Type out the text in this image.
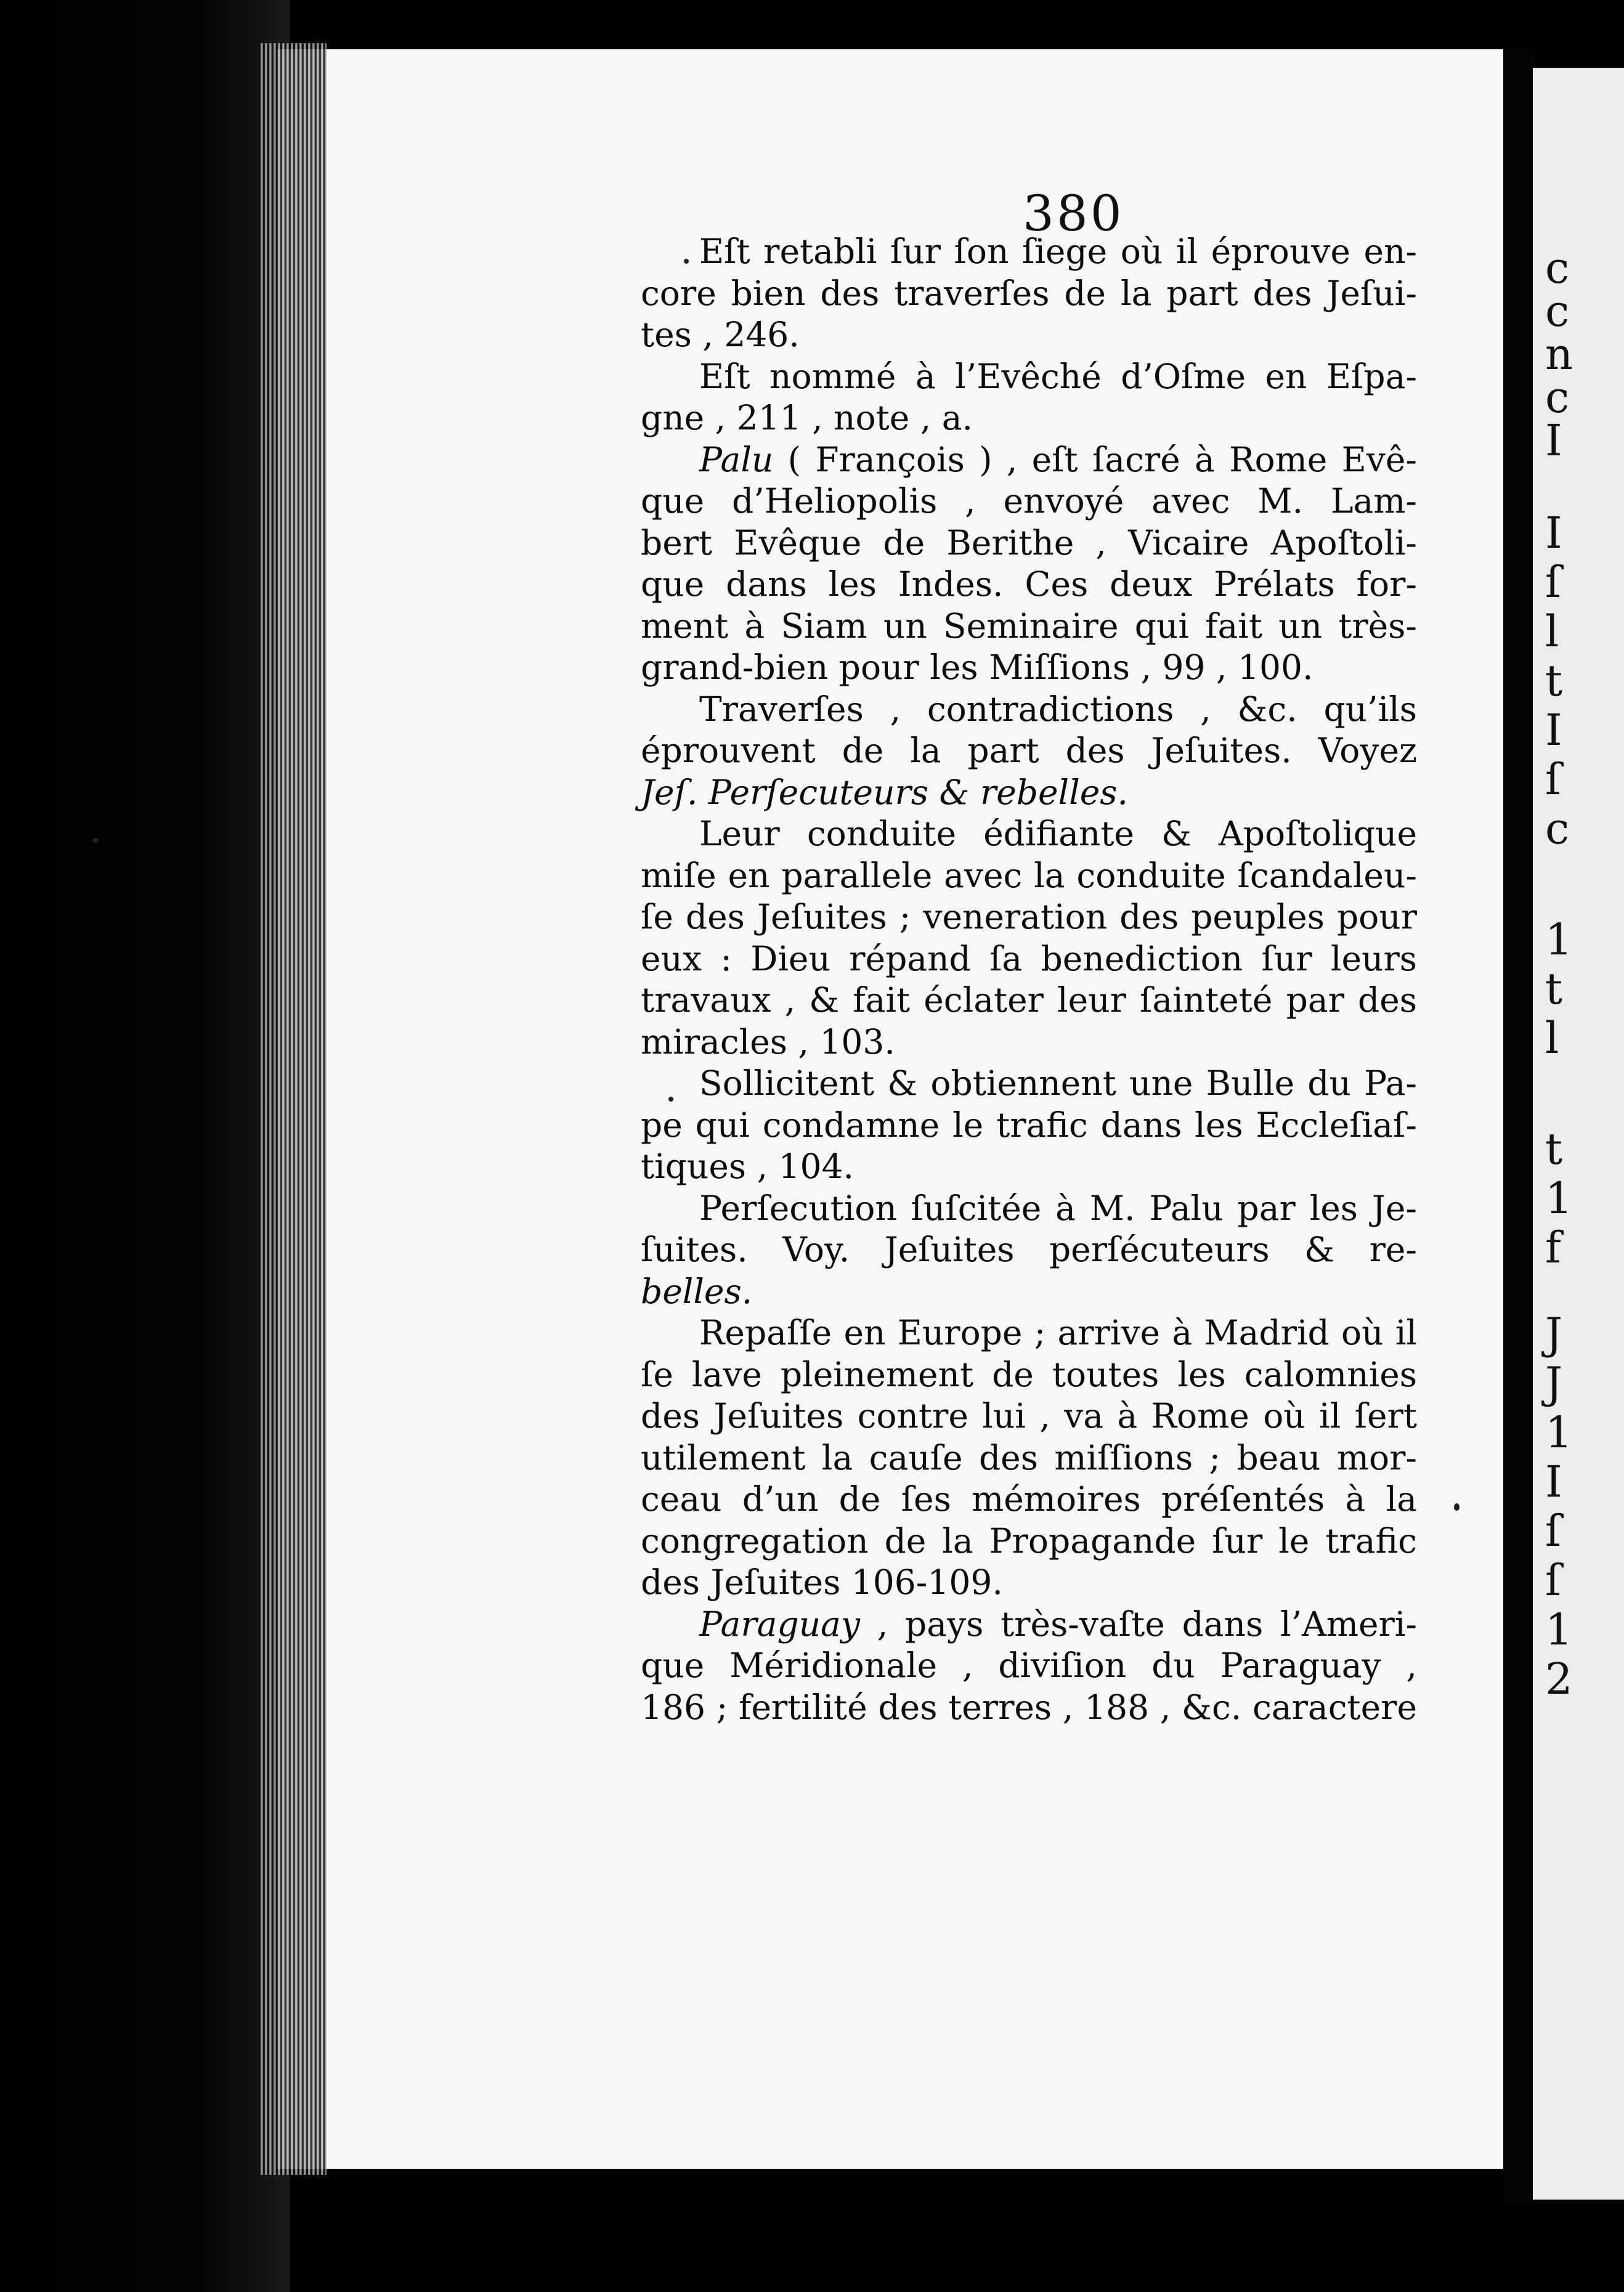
c
c
n
c
I
I
ſ
l
t
I
ſ
c
1
t
l
t
1
f
J
J
1
I
ſ
ſ
1
2
380
Eſt retabli ſur ſon ſiege où il éprouve en-
core bien des traverſes de la part des Jeſui-
tes , 246.
Eſt nommé à l’Evêché d’Oſme en Eſpa-
gne , 211 , note , a.
Palu ( François ) , eſt ſacré à Rome Evê-
que d’Heliopolis , envoyé avec M. Lam-
bert Evêque de Berithe , Vicaire Apoſtoli-
que dans les Indes. Ces deux Prélats for-
ment à Siam un Seminaire qui fait un très-
grand-bien pour les Miſſions , 99 , 100.
Traverſes , contradictions , &c. qu’ils
éprouvent de la part des Jeſuites. Voyez
Jeſ. Perſecuteurs & rebelles.
Leur conduite édifiante & Apoſtolique
miſe en parallele avec la conduite ſcandaleu-
ſe des Jeſuites ; veneration des peuples pour
eux : Dieu répand ſa benediction ſur leurs
travaux , & fait éclater leur ſainteté par des
miracles , 103.
Sollicitent & obtiennent une Bulle du Pa-
pe qui condamne le trafic dans les Eccleſiaſ-
tiques , 104.
Perſecution ſuſcitée à M. Palu par les Je-
ſuites. Voy. Jeſuites perſécuteurs & re-
belles.
Repaſſe en Europe ; arrive à Madrid où il
ſe lave pleinement de toutes les calomnies
des Jeſuites contre lui , va à Rome où il ſert
utilement la cauſe des miſſions ; beau mor-
ceau d’un de ſes mémoires préſentés à la
congregation de la Propagande ſur le trafic
des Jeſuites 106-109.
Paraguay , pays très-vaſte dans l’Ameri-
que Méridionale , diviſion du Paraguay ,
186 ; fertilité des terres , 188 , &c. caractere
